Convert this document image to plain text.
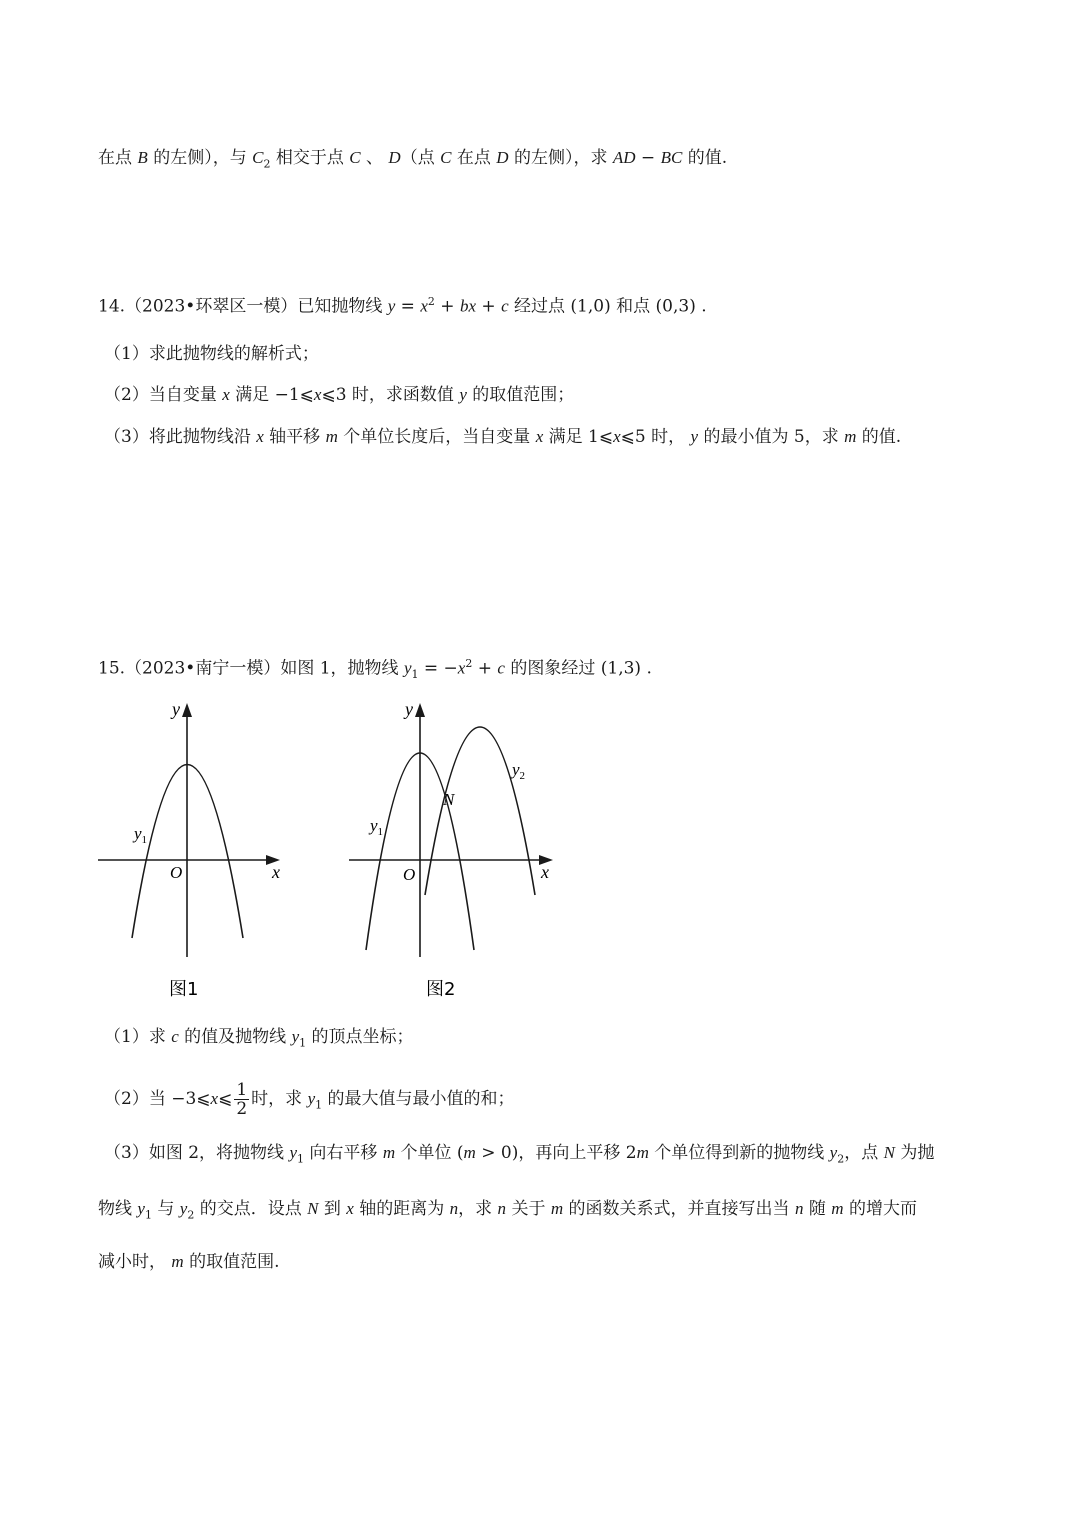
在点 B 的左侧），与 $C_2$ 相交于点 C 、 D（点 C 在点 D 的左侧），求 AD − BC 的值.
14.（2023•环翠区一模）已知抛物线 $y = x^2$ + bx + c 经过点 (1,0) 和点 (0,3) .
（1）求此抛物线的解析式；
（2）当自变量 x 满足 −1⩽x⩽3 时，求函数值 y 的取值范围；
（3）将此抛物线沿 x 轴平移 m 个单位长度后，当自变量 x 满足 1⩽x⩽5 时， y 的最小值为 5，求 m 的值.
15.（2023•南宁一模）如图 1，抛物线 $y_1 = -x^2 + c$ 的图象经过 (1,3) .
y
x
O
$y_1$
图1
y
x
O
N
$y_1$
$y_2$
图2
（1）求 c 的值及抛物线 $y_1$ 的顶点坐标；
（2）当 −3⩽x⩽ $\frac{1}{2}$ 时，求 $y_1$ 的最大值与最小值的和；
（3）如图 2，将抛物线 $y_1$ 向右平移 m 个单位 (m > 0)，再向上平移 2m 个单位得到新的抛物线 $y_2$，点 N 为抛
物线 $y_1$ 与 $y_2$ 的交点．设点 N 到 x 轴的距离为 n，求 n 关于 m 的函数关系式，并直接写出当 n 随 m 的增大而
减小时， m 的取值范围.
